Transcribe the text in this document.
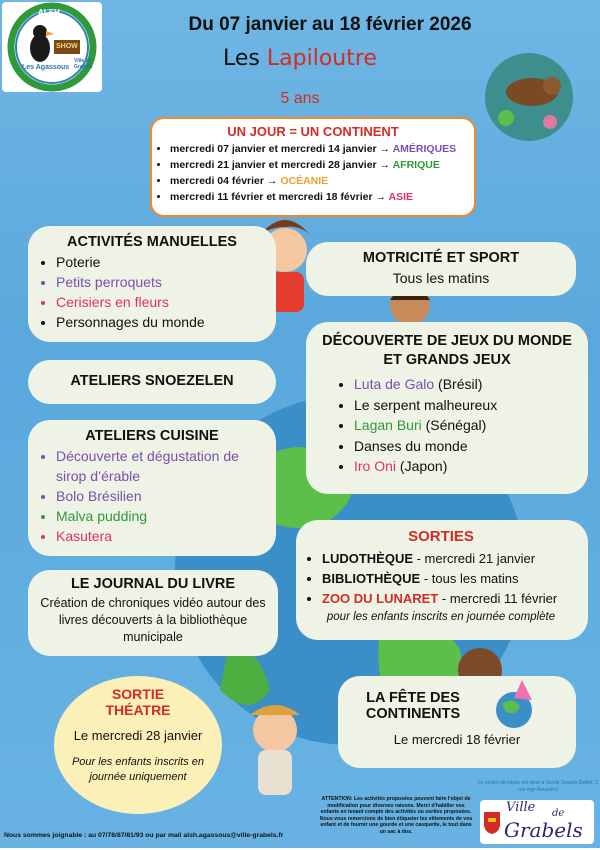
ALSH
SHOW
Les Agassous
Ville de Grabels
Du 07 janvier au 18 février 2026
Les Lapiloutre
5 ans
UN JOUR = UN CONTINENT
• mercredi 07 janvier et mercredi 14 janvier → AMÉRIQUES
• mercredi 21 janvier et mercredi 28 janvier → AFRIQUE
• mercredi 04 février → OCÉANIE
• mercredi 11 février et mercredi 18 février → ASIE
ACTIVITÉS MANUELLES
• Poterie
• Petits perroquets
• Cerisiers en fleurs
• Personnages du monde
MOTRICITÉ ET SPORT
Tous les matins
DÉCOUVERTE DE JEUX DU MONDE
ET GRANDS JEUX
• Luta de Galo (Brésil)
• Le serpent malheureux
• Lagan Buri (Sénégal)
• Danses du monde
• Iro Oni (Japon)
ATELIERS SNOEZELEN
ATELIERS CUISINE
• Découverte et dégustation de sirop d’érable
• Bolo Brésilien
• Malva pudding
• Kasutera	SORTIES
• LUDOTHÈQUE - mercredi 21 janvier
• BIBLIOTHÈQUE - tous les matins
• ZOO DU LUNARET - mercredi 11 février
pour les enfants inscrits en journée complète
LE JOURNAL DU LIVRE
Création de chroniques vidéo autour des livres découverts à la bibliothèque municipale
SORTIE
THÉATRE
Le mercredi 28 janvier
Pour les enfants inscrits en journée uniquement
LA FÊTE DES
CONTINENTS
Le mercredi 18 février
Le centre de loisirs est situé à l'école Joseph Delteil, 2 rue mgr Rouvairel
ATTENTION: Les activités proposées peuvent faire l'objet de modification pour diverses raisons. Merci d'habiller vos enfants en tenant compte des activités ou sorties proposées. Nous vous remercions de bien étiqueter les vêtements de vos enfant et de fournir une gourde et une casquette, le tout dans un sac à dos.
Nous sommes joignable : au 07/78/87/81/93 ou par mail alsh.agassous@ville-grabels.fr
Ville de
Grabels
